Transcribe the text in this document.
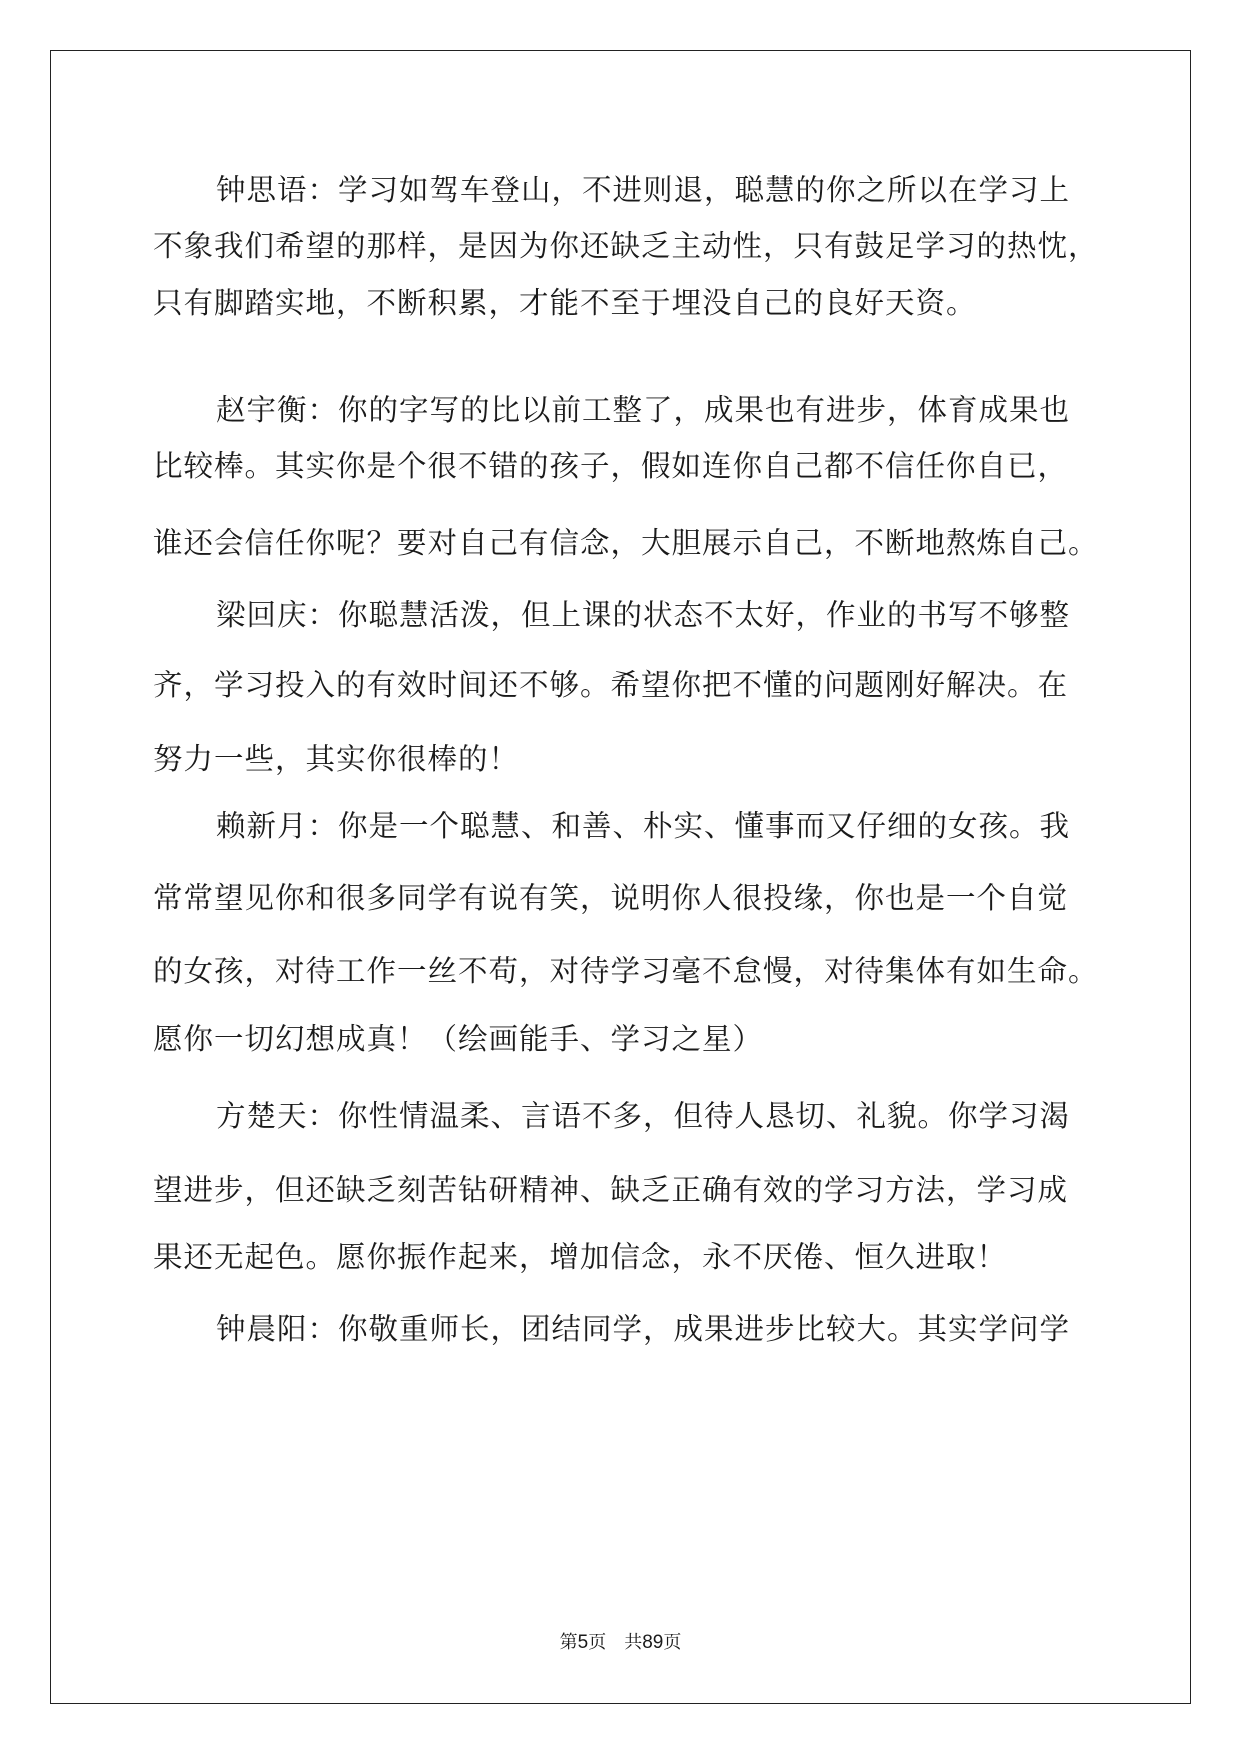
钟思语：学习如驾车登山，不进则退，聪慧的你之所以在学习上
不象我们希望的那样，是因为你还缺乏主动性，只有鼓足学习的热忱，
只有脚踏实地，不断积累，才能不至于埋没自己的良好天资。
赵宇衡：你的字写的比以前工整了，成果也有进步，体育成果也
比较棒。其实你是个很不错的孩子，假如连你自己都不信任你自已，
谁还会信任你呢？要对自己有信念，大胆展示自己，不断地熬炼自己。
梁回庆：你聪慧活泼，但上课的状态不太好，作业的书写不够整
齐，学习投入的有效时间还不够。希望你把不懂的问题刚好解决。在
努力一些，其实你很棒的！
赖新月：你是一个聪慧、和善、朴实、懂事而又仔细的女孩。我
常常望见你和很多同学有说有笑，说明你人很投缘，你也是一个自觉
的女孩，对待工作一丝不苟，对待学习毫不怠慢，对待集体有如生命。
愿你一切幻想成真！（绘画能手、学习之星）
方楚天：你性情温柔、言语不多，但待人恳切、礼貌。你学习渴
望进步，但还缺乏刻苦钻研精神、缺乏正确有效的学习方法，学习成
果还无起色。愿你振作起来，增加信念，永不厌倦、恒久进取！
钟晨阳：你敬重师长，团结同学，成果进步比较大。其实学问学
第5页　共89页
